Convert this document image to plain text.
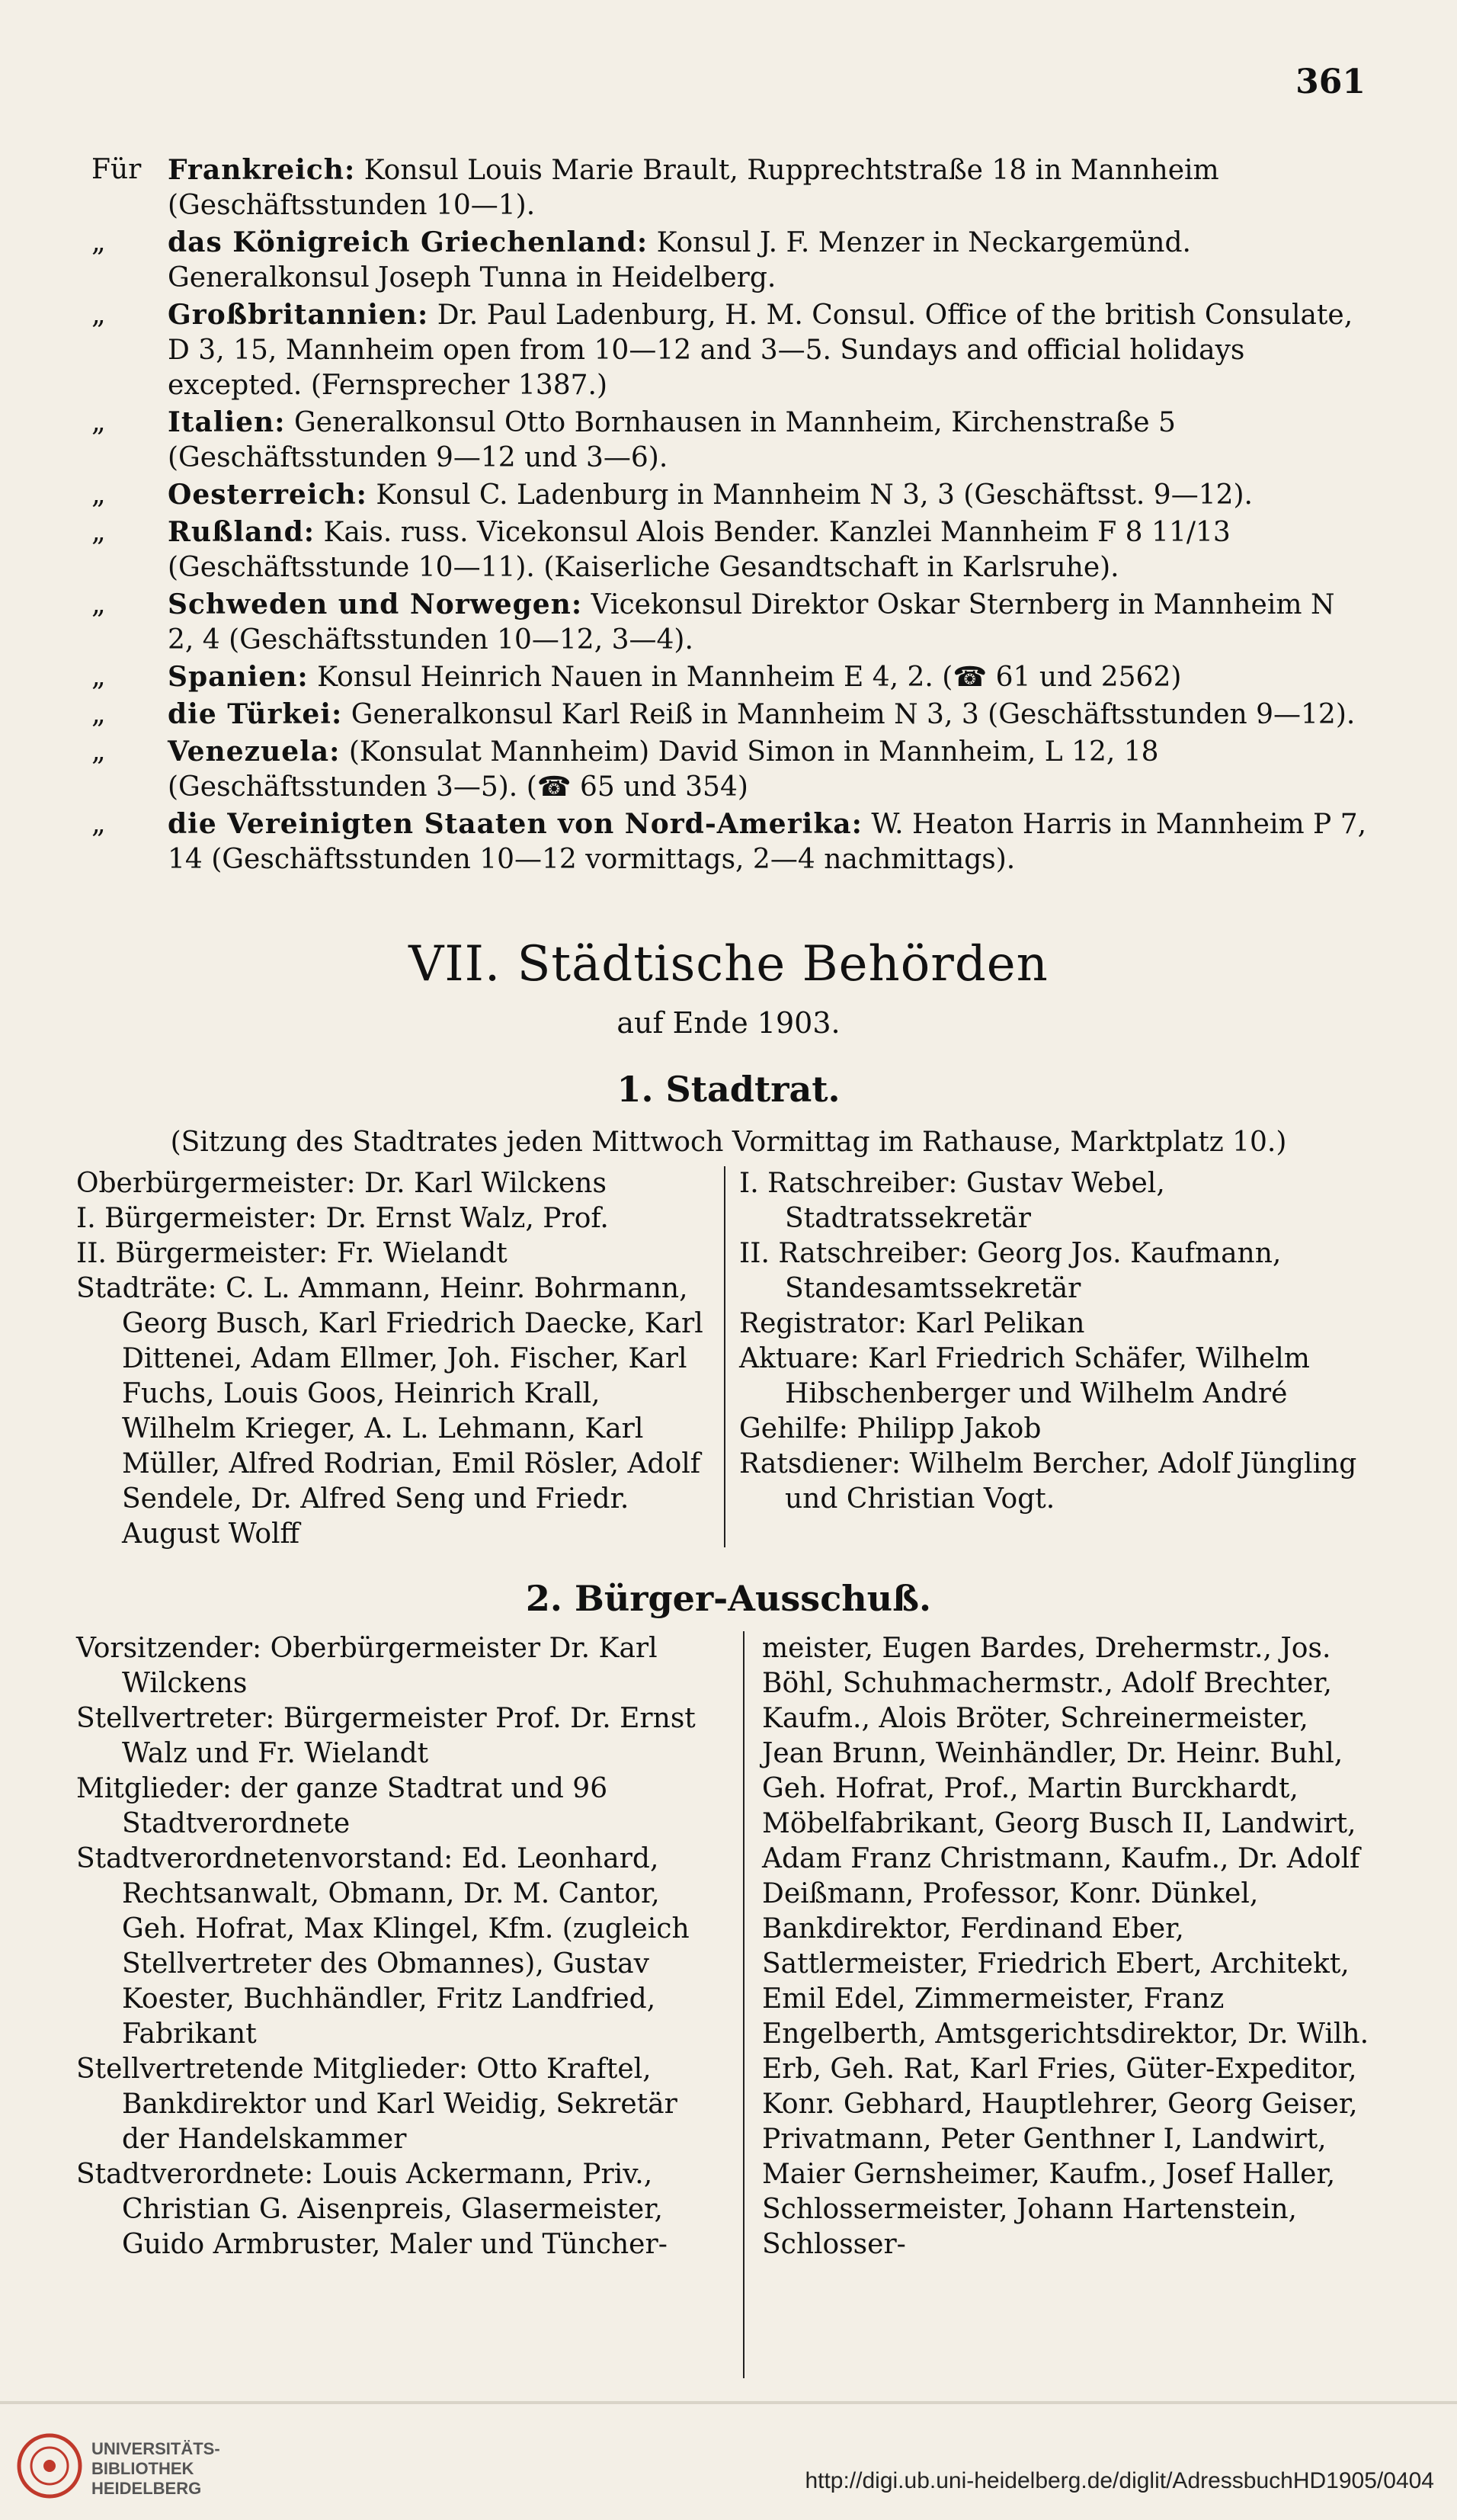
361
Für Frankreich: Konsul Louis Marie Brault, Rupprechtstraße 18 in Mannheim (Geschäftsstunden 10—1).
„	das Königreich Griechenland: Konsul J. F. Menzer in Neckargemünd. Generalkonsul Joseph Tunna in Heidelberg.
„	Großbritannien: Dr. Paul Ladenburg, H. M. Consul. Office of the british Consulate, D 3, 15, Mannheim open from 10—12 and 3—5. Sundays and official holidays excepted. (Fernsprecher 1387.)
„	Italien: Generalkonsul Otto Bornhausen in Mannheim, Kirchenstraße 5 (Geschäftsstunden 9—12 und 3—6).
„	Oesterreich: Konsul C. Ladenburg in Mannheim N 3, 3 (Geschäftsst. 9—12).
„	Rußland: Kais. russ. Vicekonsul Alois Bender. Kanzlei Mannheim F 8 11/13 (Geschäftsstunde 10—11). (Kaiserliche Gesandtschaft in Karlsruhe).
„	Schweden und Norwegen: Vicekonsul Direktor Oskar Sternberg in Mannheim N 2, 4 (Geschäftsstunden 10—12, 3—4).
„	Spanien: Konsul Heinrich Nauen in Mannheim E 4, 2. (☎ 61 und 2562)
„	die Türkei: Generalkonsul Karl Reiß in Mannheim N 3, 3 (Geschäftsstunden 9—12).
„	Venezuela: (Konsulat Mannheim) David Simon in Mannheim, L 12, 18 (Geschäftsstunden 3—5). (☎ 65 und 354)
„	die Vereinigten Staaten von Nord-Amerika: W. Heaton Harris in Mannheim P 7, 14 (Geschäftsstunden 10—12 vormittags, 2—4 nachmittags).
VII. Städtische Behörden
auf Ende 1903.
1. Stadtrat.
(Sitzung des Stadtrates jeden Mittwoch Vormittag im Rathause, Marktplatz 10.)

Oberbürgermeister: Dr. Karl Wilckens

I. Bürgermeister: Dr. Ernst Walz, Prof.

II. Bürgermeister: Fr. Wielandt

Stadträte: C. L. Ammann, Heinr. Bohrmann, Georg Busch, Karl Friedrich Daecke, Karl Dittenei, Adam Ellmer, Joh. Fischer, Karl Fuchs, Louis Goos, Heinrich Krall, Wilhelm Krieger, A. L. Lehmann, Karl Müller, Alfred Rodrian, Emil Rösler, Adolf Sendele, Dr. Alfred Seng und Friedr. August Wolff

I. Ratschreiber: Gustav Webel, Stadtratssekretär

II. Ratschreiber: Georg Jos. Kaufmann, Standesamtssekretär

Registrator: Karl Pelikan

Aktuare: Karl Friedrich Schäfer, Wilhelm Hibschenberger und Wilhelm André

Gehilfe: Philipp Jakob

Ratsdiener: Wilhelm Bercher, Adolf Jüngling und Christian Vogt.

2. Bürger-Ausschuß.

Vorsitzender: Oberbürgermeister Dr. Karl Wilckens

Stellvertreter: Bürgermeister Prof. Dr. Ernst Walz und Fr. Wielandt

Mitglieder: der ganze Stadtrat und 96 Stadtverordnete

Stadtverordnetenvorstand: Ed. Leonhard, Rechtsanwalt, Obmann, Dr. M. Cantor, Geh. Hofrat, Max Klingel, Kfm. (zugleich Stellvertreter des Obmannes), Gustav Koester, Buchhändler, Fritz Landfried, Fabrikant

Stellvertretende Mitglieder: Otto Kraftel, Bankdirektor und Karl Weidig, Sekretär der Handelskammer

Stadtverordnete: Louis Ackermann, Priv., Christian G. Aisenpreis, Glasermeister, Guido Armbruster, Maler und Tüncher-

meister, Eugen Bardes, Drehermstr., Jos. Böhl, Schuhmachermstr., Adolf Brechter, Kaufm., Alois Bröter, Schreinermeister, Jean Brunn, Weinhändler, Dr. Heinr. Buhl, Geh. Hofrat, Prof., Martin Burckhardt, Möbelfabrikant, Georg Busch II, Landwirt, Adam Franz Christmann, Kaufm., Dr. Adolf Deißmann, Professor, Konr. Dünkel, Bankdirektor, Ferdinand Eber, Sattlermeister, Friedrich Ebert, Architekt, Emil Edel, Zimmermeister, Franz Engelberth, Amtsgerichtsdirektor, Dr. Wilh. Erb, Geh. Rat, Karl Fries, Güter-Expeditor, Konr. Gebhard, Hauptlehrer, Georg Geiser, Privatmann, Peter Genthner I, Landwirt, Maier Gernsheimer, Kaufm., Josef Haller, Schlossermeister, Johann Hartenstein, Schlosser-

UNIVERSITÄTS-
BIBLIOTHEK
HEIDELBERG	http://digi.ub.uni-heidelberg.de/diglit/AdressbuchHD1905/0404
